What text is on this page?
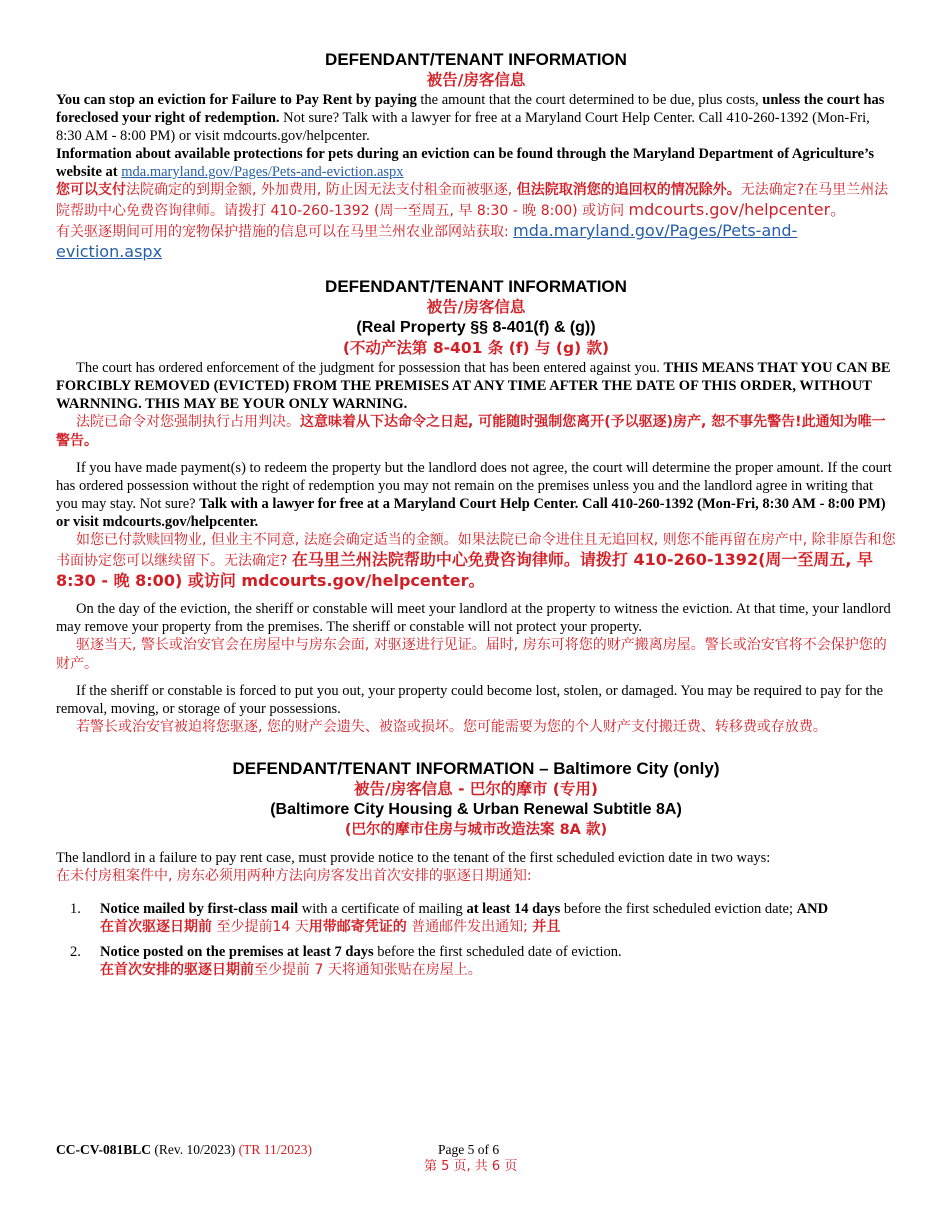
DEFENDANT/TENANT INFORMATION
被告/房客信息

You can stop an eviction for Failure to Pay Rent by paying the amount that the court determined to be due, plus costs, unless the court has foreclosed your right of redemption. Not sure? Talk with a lawyer for free at a Maryland Court Help Center. Call 410-260-1392 (Mon-Fri, 8:30 AM - 8:00 PM) or visit mdcourts.gov/helpcenter.

Information about available protections for pets during an eviction can be found through the Maryland Department of Agriculture’s website at mda.maryland.gov/Pages/Pets-and-eviction.aspx

您可以支付法院确定的到期金额, 外加费用, 防止因无法支付租金而被驱逐, 但法院取消您的追回权的情况除外。无法确定?在马里兰州法院帮助中心免费咨询律师。请拨打 410-260-1392 (周一至周五, 早 8:30 - 晚 8:00) 或访问 mdcourts.gov/helpcenter。

有关驱逐期间可用的宠物保护措施的信息可以在马里兰州农业部网站获取: mda.maryland.gov/Pages/Pets-and-eviction.aspx

DEFENDANT/TENANT INFORMATION
被告/房客信息
(Real Property §§ 8-401(f) & (g))
(不动产法第 8-401 条 (f) 与 (g) 款)

The court has ordered enforcement of the judgment for possession that has been entered against you. THIS MEANS THAT YOU CAN BE FORCIBLY REMOVED (EVICTED) FROM THE PREMISES AT ANY TIME AFTER THE DATE OF THIS ORDER, WITHOUT WARNNING. THIS MAY BE YOUR ONLY WARNING.

法院已命令对您强制执行占用判决。这意味着从下达命令之日起, 可能随时强制您离开(予以驱逐)房产, 恕不事先警告!此通知为唯一警告。

If you have made payment(s) to redeem the property but the landlord does not agree, the court will determine the proper amount. If the court has ordered possession without the right of redemption you may not remain on the premises unless you and the landlord agree in writing that you may stay. Not sure? Talk with a lawyer for free at a Maryland Court Help Center. Call 410-260-1392 (Mon-Fri, 8:30 AM - 8:00 PM) or visit mdcourts.gov/helpcenter.

如您已付款赎回物业, 但业主不同意, 法庭会确定适当的金额。如果法院已命令进住且无追回权, 则您不能再留在房产中, 除非原告和您书面协定您可以继续留下。无法确定? 在马里兰州法院帮助中心免费咨询律师。请拨打 410-260-1392(周一至周五, 早 8:30 - 晚 8:00) 或访问 mdcourts.gov/helpcenter。

On the day of the eviction, the sheriff or constable will meet your landlord at the property to witness the eviction. At that time, your landlord may remove your property from the premises. The sheriff or constable will not protect your property.

驱逐当天, 警长或治安官会在房屋中与房东会面, 对驱逐进行见证。届时, 房东可将您的财产搬离房屋。警长或治安官将不会保护您的财产。

If the sheriff or constable is forced to put you out, your property could become lost, stolen, or damaged. You may be required to pay for the removal, moving, or storage of your possessions.

若警长或治安官被迫将您驱逐, 您的财产会遗失、被盗或损坏。您可能需要为您的个人财产支付搬迁费、转移费或存放费。

DEFENDANT/TENANT INFORMATION – Baltimore City (only)
被告/房客信息 - 巴尔的摩市 (专用)
(Baltimore City Housing & Urban Renewal Subtitle 8A)
(巴尔的摩市住房与城市改造法案 8A 款)

The landlord in a failure to pay rent case, must provide notice to the tenant of the first scheduled eviction date in two ways:

在未付房租案件中, 房东必须用两种方法向房客发出首次安排的驱逐日期通知:

1. Notice mailed by first-class mail with a certificate of mailing at least 14 days before the first scheduled eviction date; AND
在首次驱逐日期前 至少提前14 天用带邮寄凭证的 普通邮件发出通知; 并且
2. Notice posted on the premises at least 7 days before the first scheduled date of eviction.
在首次安排的驱逐日期前至少提前 7 天将通知张贴在房屋上。
CC-CV-081BLC (Rev. 10/2023) (TR 11/2023)	Page 5 of 6
第 5 页, 共 6 页
